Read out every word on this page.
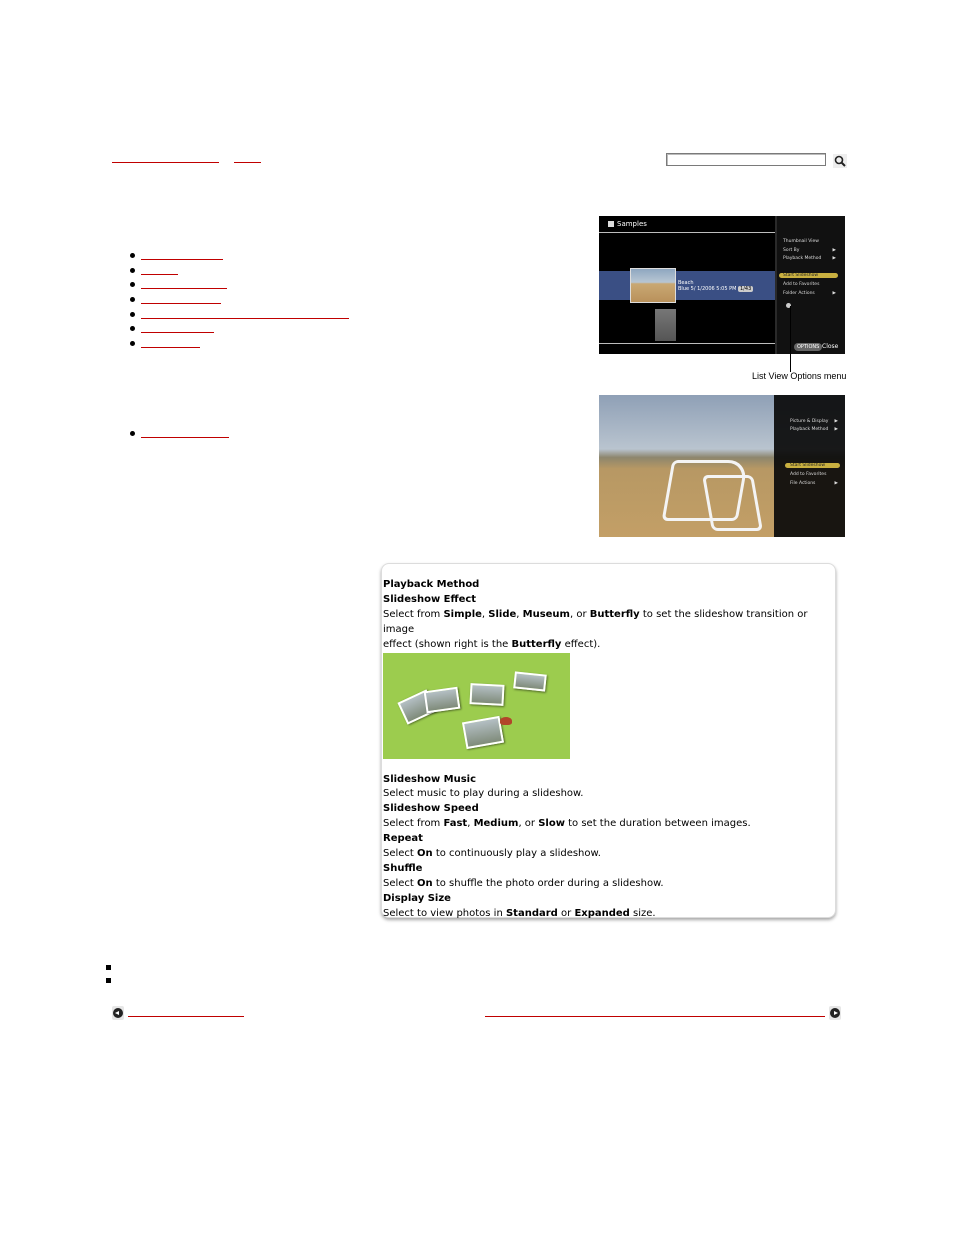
Samples
Beach
Blue 5/ 1/2006 5:05 PM 1/43
Thumbnail View
Sort By	▶
Playback Method ▶
Start Slideshow
Add to Favorites
Folder Actions	▶
OPTIONS Close
List View Options menu
Picture & Display ▶
Playback Method ▶
Start Slideshow
Add to Favorites
File Actions	▶
Playback Method
Slideshow Effect
Select from Simple, Slide, Museum, or Butterfly to set the slideshow transition or image
effect (shown right is the Butterfly effect).
Slideshow Music
Select music to play during a slideshow.
Slideshow Speed
Select from Fast, Medium, or Slow to set the duration between images.
Repeat
Select On to continuously play a slideshow.
Shuffle
Select On to shuffle the photo order during a slideshow.
Display Size
Select to view photos in Standard or Expanded size.
